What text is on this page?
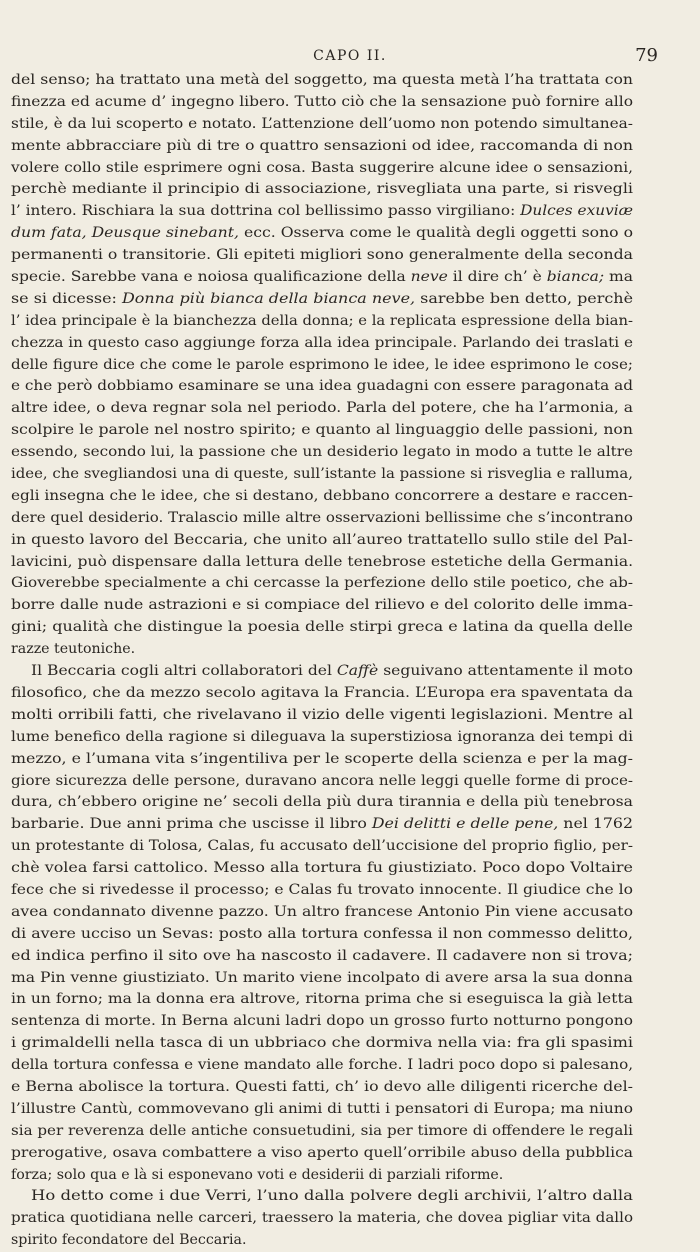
CAPO II.	79
del senso; ha trattato una metà del soggetto, ma questa metà l’ha trattata con
finezza ed acume d’ ingegno libero. Tutto ciò che la sensazione può fornire allo
stile, è da lui scoperto e notato. L’attenzione dell’uomo non potendo simultanea-
mente abbracciare più di tre o quattro sensazioni od idee, raccomanda di non
volere collo stile esprimere ogni cosa. Basta suggerire alcune idee o sensazioni,
perchè mediante il principio di associazione, risvegliata una parte, si risvegli
l’ intero. Rischiara la sua dottrina col bellissimo passo virgiliano: Dulces exuviæ
dum fata, Deusque sinebant, ecc. Osserva come le qualità degli oggetti sono o
permanenti o transitorie. Gli epiteti migliori sono generalmente della seconda
specie. Sarebbe vana e noiosa qualificazione della neve il dire ch’ è bianca; ma
se si dicesse: Donna più bianca della bianca neve, sarebbe ben detto, perchè
l’ idea principale è la bianchezza della donna; e la replicata espressione della bian-
chezza in questo caso aggiunge forza alla idea principale. Parlando dei traslati e
delle figure dice che come le parole esprimono le idee, le idee esprimono le cose;
e che però dobbiamo esaminare se una idea guadagni con essere paragonata ad
altre idee, o deva regnar sola nel periodo. Parla del potere, che ha l’armonia, a
scolpire le parole nel nostro spirito; e quanto al linguaggio delle passioni, non
essendo, secondo lui, la passione che un desiderio legato in modo a tutte le altre
idee, che svegliandosi una di queste, sull’istante la passione si risveglia e ralluma,
egli insegna che le idee, che si destano, debbano concorrere a destare e raccen-
dere quel desiderio. Tralascio mille altre osservazioni bellissime che s’incontrano
in questo lavoro del Beccaria, che unito all’aureo trattatello sullo stile del Pal-
lavicini, può dispensare dalla lettura delle tenebrose estetiche della Germania.
Gioverebbe specialmente a chi cercasse la perfezione dello stile poetico, che ab-
borre dalle nude astrazioni e si compiace del rilievo e del colorito delle imma-
gini; qualità che distingue la poesia delle stirpi greca e latina da quella delle
razze teutoniche.
Il Beccaria cogli altri collaboratori del Caffè seguivano attentamente il moto
filosofico, che da mezzo secolo agitava la Francia. L’Europa era spaventata da
molti orribili fatti, che rivelavano il vizio delle vigenti legislazioni. Mentre al
lume benefico della ragione si dileguava la superstiziosa ignoranza dei tempi di
mezzo, e l’umana vita s’ingentiliva per le scoperte della scienza e per la mag-
giore sicurezza delle persone, duravano ancora nelle leggi quelle forme di proce-
dura, ch’ebbero origine ne’ secoli della più dura tirannia e della più tenebrosa
barbarie. Due anni prima che uscisse il libro Dei delitti e delle pene, nel 1762
un protestante di Tolosa, Calas, fu accusato dell’uccisione del proprio figlio, per-
chè volea farsi cattolico. Messo alla tortura fu giustiziato. Poco dopo Voltaire
fece che si rivedesse il processo; e Calas fu trovato innocente. Il giudice che lo
avea condannato divenne pazzo. Un altro francese Antonio Pin viene accusato
di avere ucciso un Sevas: posto alla tortura confessa il non commesso delitto,
ed indica perfino il sito ove ha nascosto il cadavere. Il cadavere non si trova;
ma Pin venne giustiziato. Un marito viene incolpato di avere arsa la sua donna
in un forno; ma la donna era altrove, ritorna prima che si eseguisca la già letta
sentenza di morte. In Berna alcuni ladri dopo un grosso furto notturno pongono
i grimaldelli nella tasca di un ubbriaco che dormiva nella via: fra gli spasimi
della tortura confessa e viene mandato alle forche. I ladri poco dopo si palesano,
e Berna abolisce la tortura. Questi fatti, ch’ io devo alle diligenti ricerche del-
l’illustre Cantù, commovevano gli animi di tutti i pensatori di Europa; ma niuno
sia per reverenza delle antiche consuetudini, sia per timore di offendere le regali
prerogative, osava combattere a viso aperto quell’orribile abuso della pubblica
forza; solo qua e là si esponevano voti e desiderii di parziali riforme.
Ho detto come i due Verri, l’uno dalla polvere degli archivii, l’altro dalla
pratica quotidiana nelle carceri, traessero la materia, che dovea pigliar vita dallo
spirito fecondatore del Beccaria.
